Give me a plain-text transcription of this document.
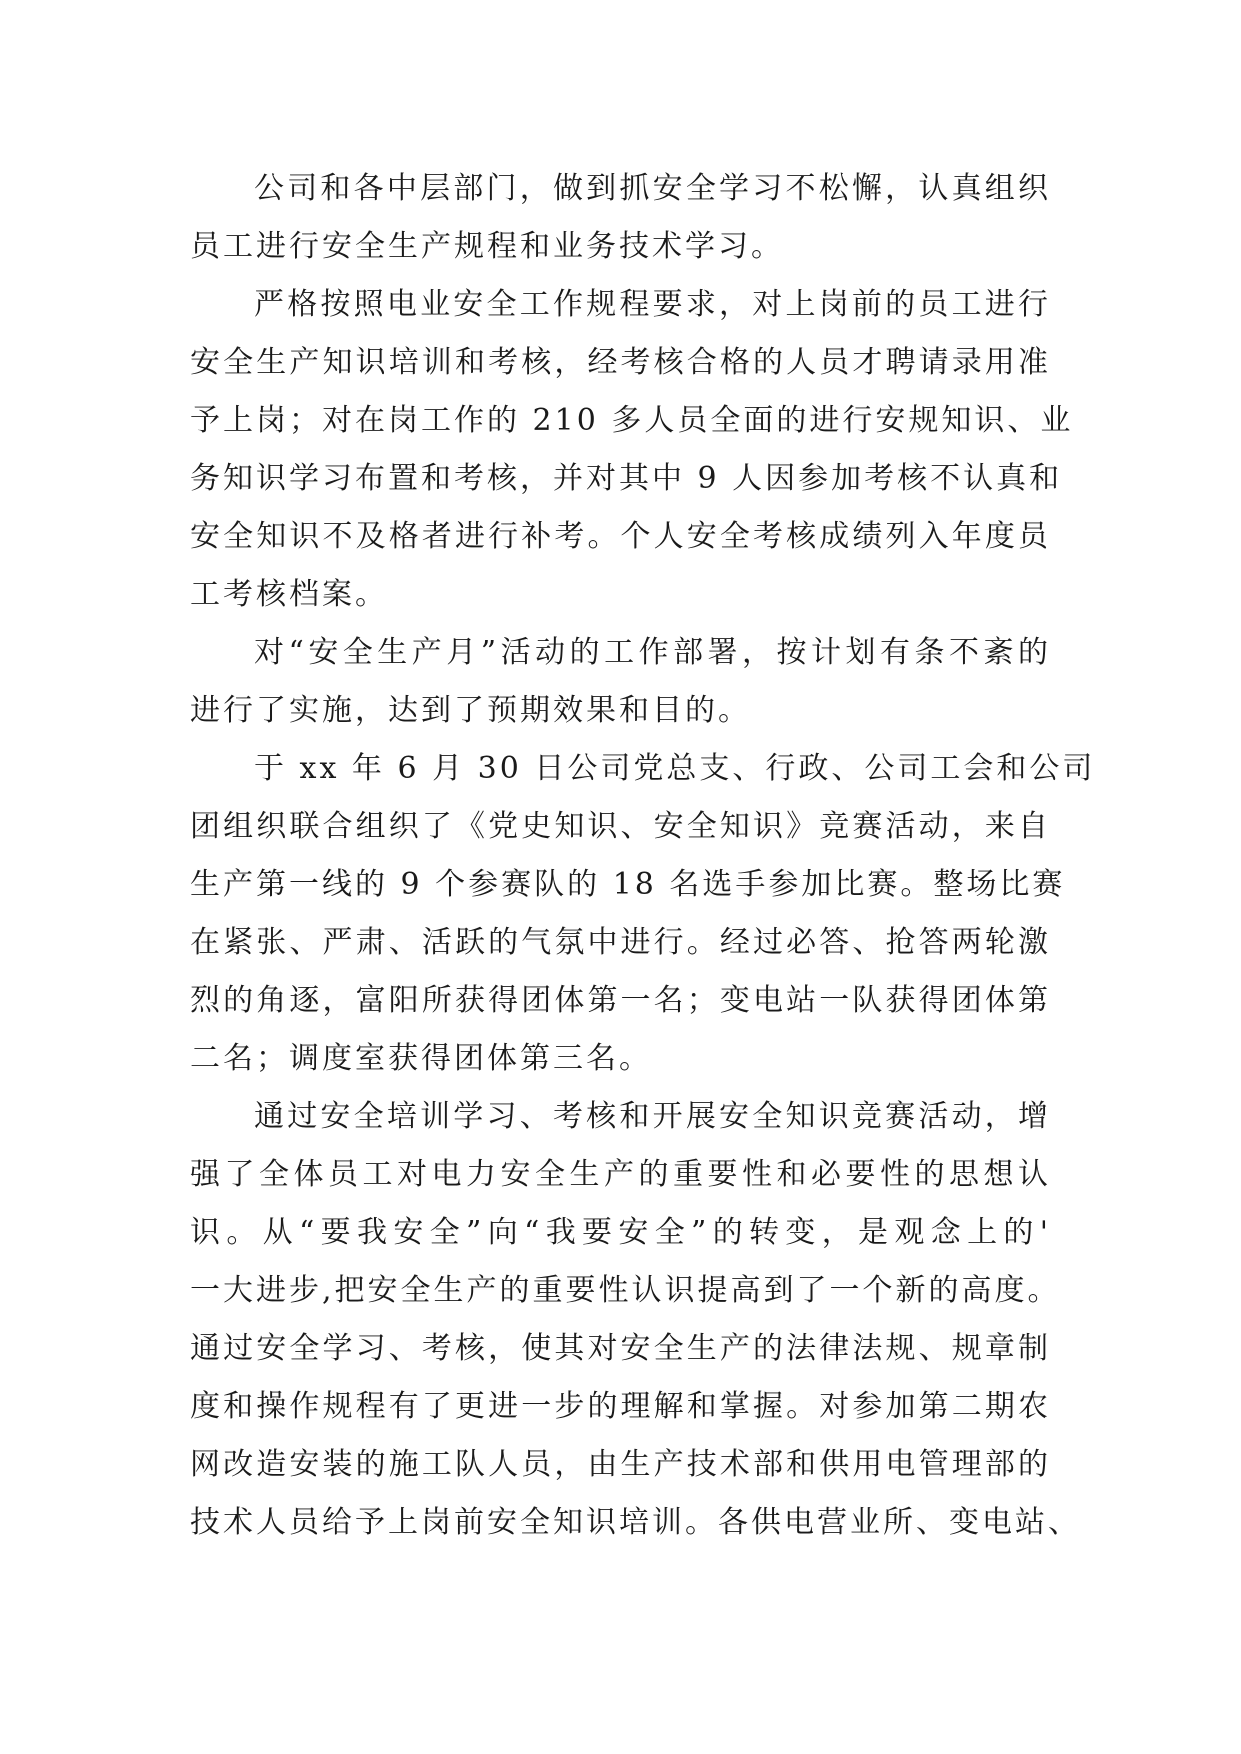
公司和各中层部门，做到抓安全学习不松懈，认真组织
员工进行安全生产规程和业务技术学习。
严格按照电业安全工作规程要求，对上岗前的员工进行
安全生产知识培训和考核，经考核合格的人员才聘请录用准
予上岗；对在岗工作的 210 多人员全面的进行安规知识、业
务知识学习布置和考核，并对其中 9 人因参加考核不认真和
安全知识不及格者进行补考。个人安全考核成绩列入年度员
工考核档案。
对“安全生产月”活动的工作部署，按计划有条不紊的
进行了实施，达到了预期效果和目的。
于 xx 年 6 月 30 日公司党总支、行政、公司工会和公司
团组织联合组织了《党史知识、安全知识》竞赛活动，来自
生产第一线的 9 个参赛队的 18 名选手参加比赛。整场比赛
在紧张、严肃、活跃的气氛中进行。经过必答、抢答两轮激
烈的角逐，富阳所获得团体第一名；变电站一队获得团体第
二名；调度室获得团体第三名。
通过安全培训学习、考核和开展安全知识竞赛活动，增
强了全体员工对电力安全生产的重要性和必要性的思想认
识。从“要我安全”向“我要安全”的转变，是观念上的'
一大进步,把安全生产的重要性认识提高到了一个新的高度。
通过安全学习、考核，使其对安全生产的法律法规、规章制
度和操作规程有了更进一步的理解和掌握。对参加第二期农
网改造安装的施工队人员，由生产技术部和供用电管理部的
技术人员给予上岗前安全知识培训。各供电营业所、变电站、
